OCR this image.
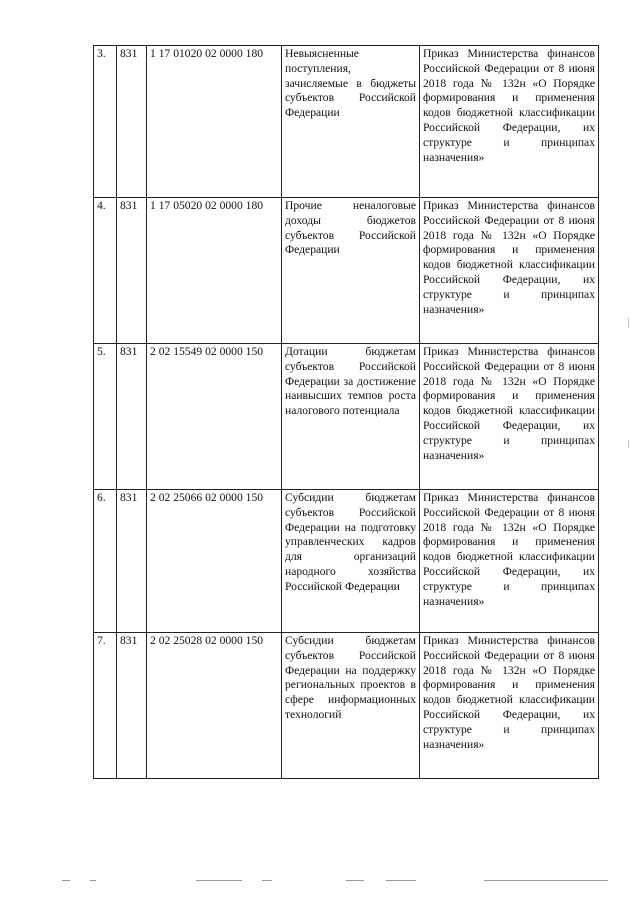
3.	831	1 17 01020 02 0000 180	Невыясненные поступления, зачисляемые в бюджеты субъектов Российской Федерации	Приказ Министерства финансов Российской Федерации от 8 июня 2018 года № 132н «О Порядке формирования и применения кодов бюджетной классификации Российской Федерации, их структуре и принципах назначения»
4.	831	1 17 05020 02 0000 180	Прочие неналоговые доходы бюджетов субъектов Российской Федерации	Приказ Министерства финансов Российской Федерации от 8 июня 2018 года № 132н «О Порядке формирования и применения кодов бюджетной классификации Российской Федерации, их структуре и принципах назначения»
5.	831	2 02 15549 02 0000 150	Дотации бюджетам субъектов Российской Федерации за достижение наивысших темпов роста налогового потенциала	Приказ Министерства финансов Российской Федерации от 8 июня 2018 года № 132н «О Порядке формирования и применения кодов бюджетной классификации Российской Федерации, их структуре и принципах назначения»
6.	831	2 02 25066 02 0000 150	Субсидии бюджетам субъектов Российской Федерации на подготовку управленческих кадров для организаций народного хозяйства Российской Федерации	Приказ Министерства финансов Российской Федерации от 8 июня 2018 года № 132н «О Порядке формирования и применения кодов бюджетной классификации Российской Федерации, их структуре и принципах назначения»
7.	831	2 02 25028 02 0000 150	Субсидии бюджетам субъектов Российской Федерации на поддержку региональных проектов в сфере информационных технологий	Приказ Министерства финансов Российской Федерации от 8 июня 2018 года № 132н «О Порядке формирования и применения кодов бюджетной классификации Российской Федерации, их структуре и принципах назначения»
